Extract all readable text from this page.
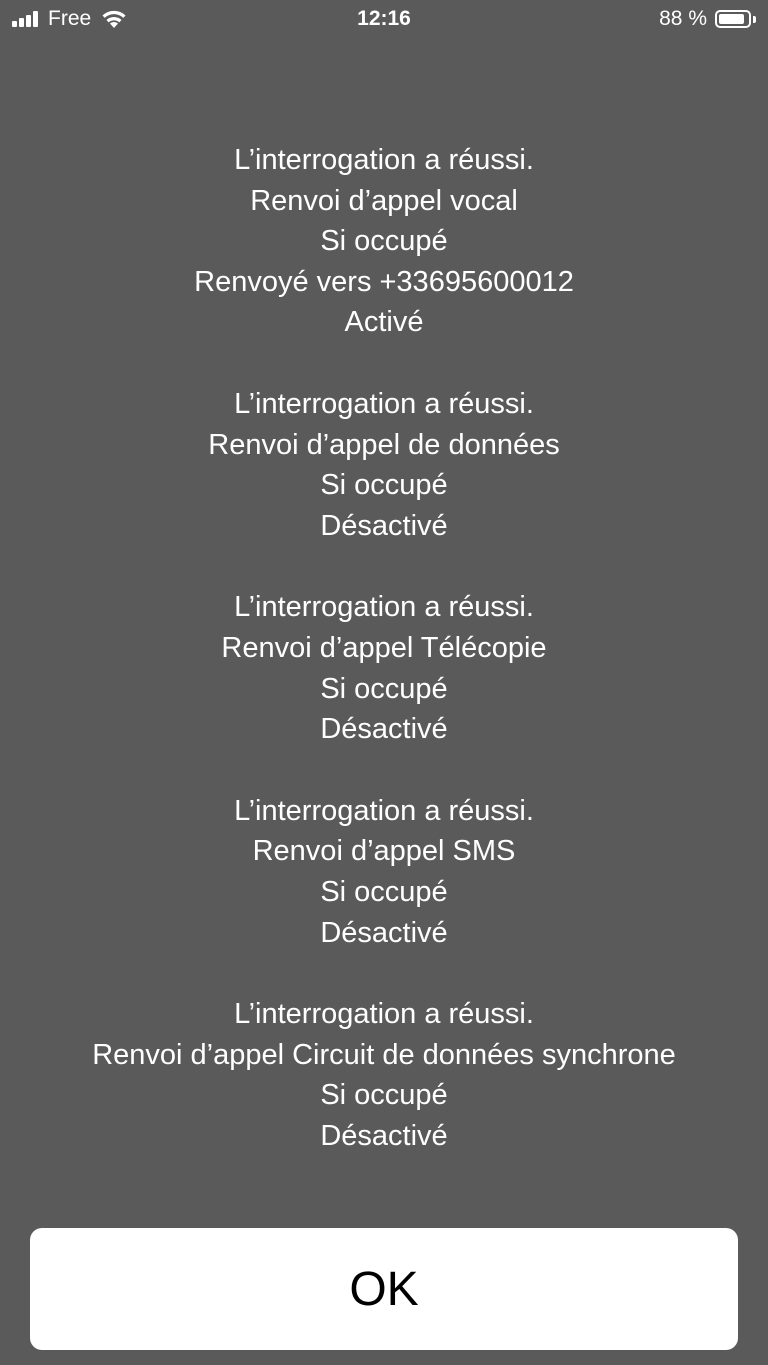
Free	12:16	88 %
L’interrogation a réussi.
Renvoi d’appel vocal
Si occupé
Renvoyé vers +33695600012
Activé
L’interrogation a réussi.
Renvoi d’appel de données
Si occupé
Désactivé
L’interrogation a réussi.
Renvoi d’appel Télécopie
Si occupé
Désactivé
L’interrogation a réussi.
Renvoi d’appel SMS
Si occupé
Désactivé
L’interrogation a réussi.
Renvoi d’appel Circuit de données synchrone
Si occupé
Désactivé
OK
